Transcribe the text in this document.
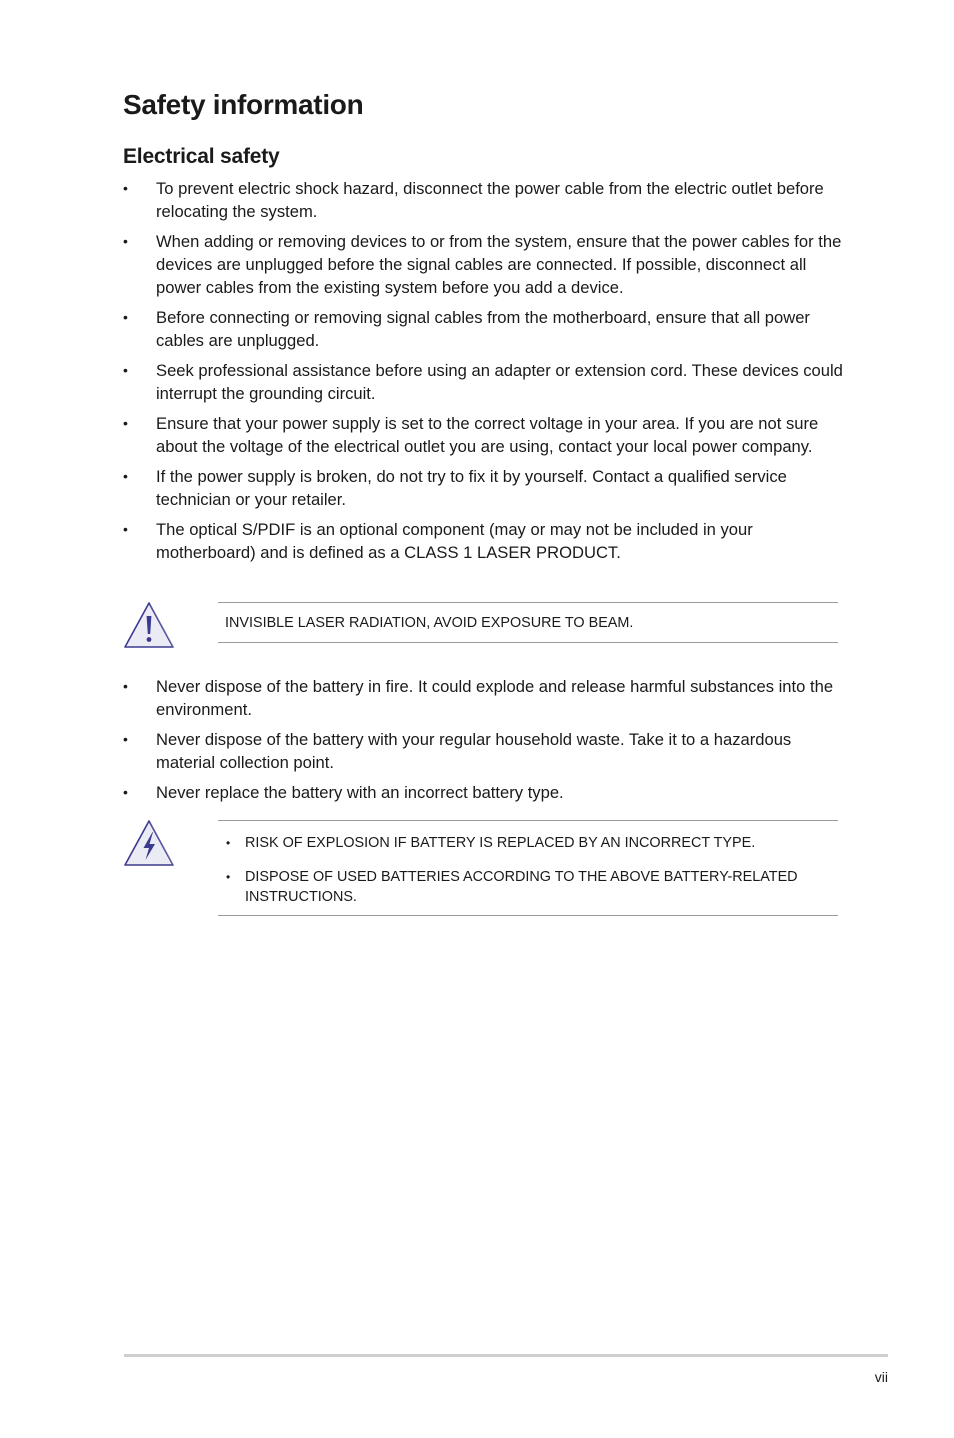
Safety information
Electrical safety
•	To prevent electric shock hazard, disconnect the power cable from the electric outlet before relocating the system.
•	When adding or removing devices to or from the system, ensure that the power cables for the devices are unplugged before the signal cables are connected. If possible, disconnect all power cables from the existing system before you add a device.
•	Before connecting or removing signal cables from the motherboard, ensure that all power cables are unplugged.
•	Seek professional assistance before using an adapter or extension cord. These devices could interrupt the grounding circuit.
•	Ensure that your power supply is set to the correct voltage in your area. If you are not sure about the voltage of the electrical outlet you are using, contact your local power company.
•	If the power supply is broken, do not try to fix it by yourself. Contact a qualified service technician or your retailer.
•	The optical S/PDIF is an optional component (may or may not be included in your motherboard) and is defined as a CLASS 1 LASER PRODUCT.
INVISIBLE LASER RADIATION, AVOID EXPOSURE TO BEAM.
•	Never dispose of the battery in fire. It could explode and release harmful substances into the environment.
•	Never dispose of the battery with your regular household waste. Take it to a hazardous material collection point.
•	Never replace the battery with an incorrect battery type.
• RISK OF EXPLOSION IF BATTERY IS REPLACED BY AN INCORRECT TYPE.
• DISPOSE OF USED BATTERIES ACCORDING TO THE ABOVE BATTERY-RELATED INSTRUCTIONS.
vii
